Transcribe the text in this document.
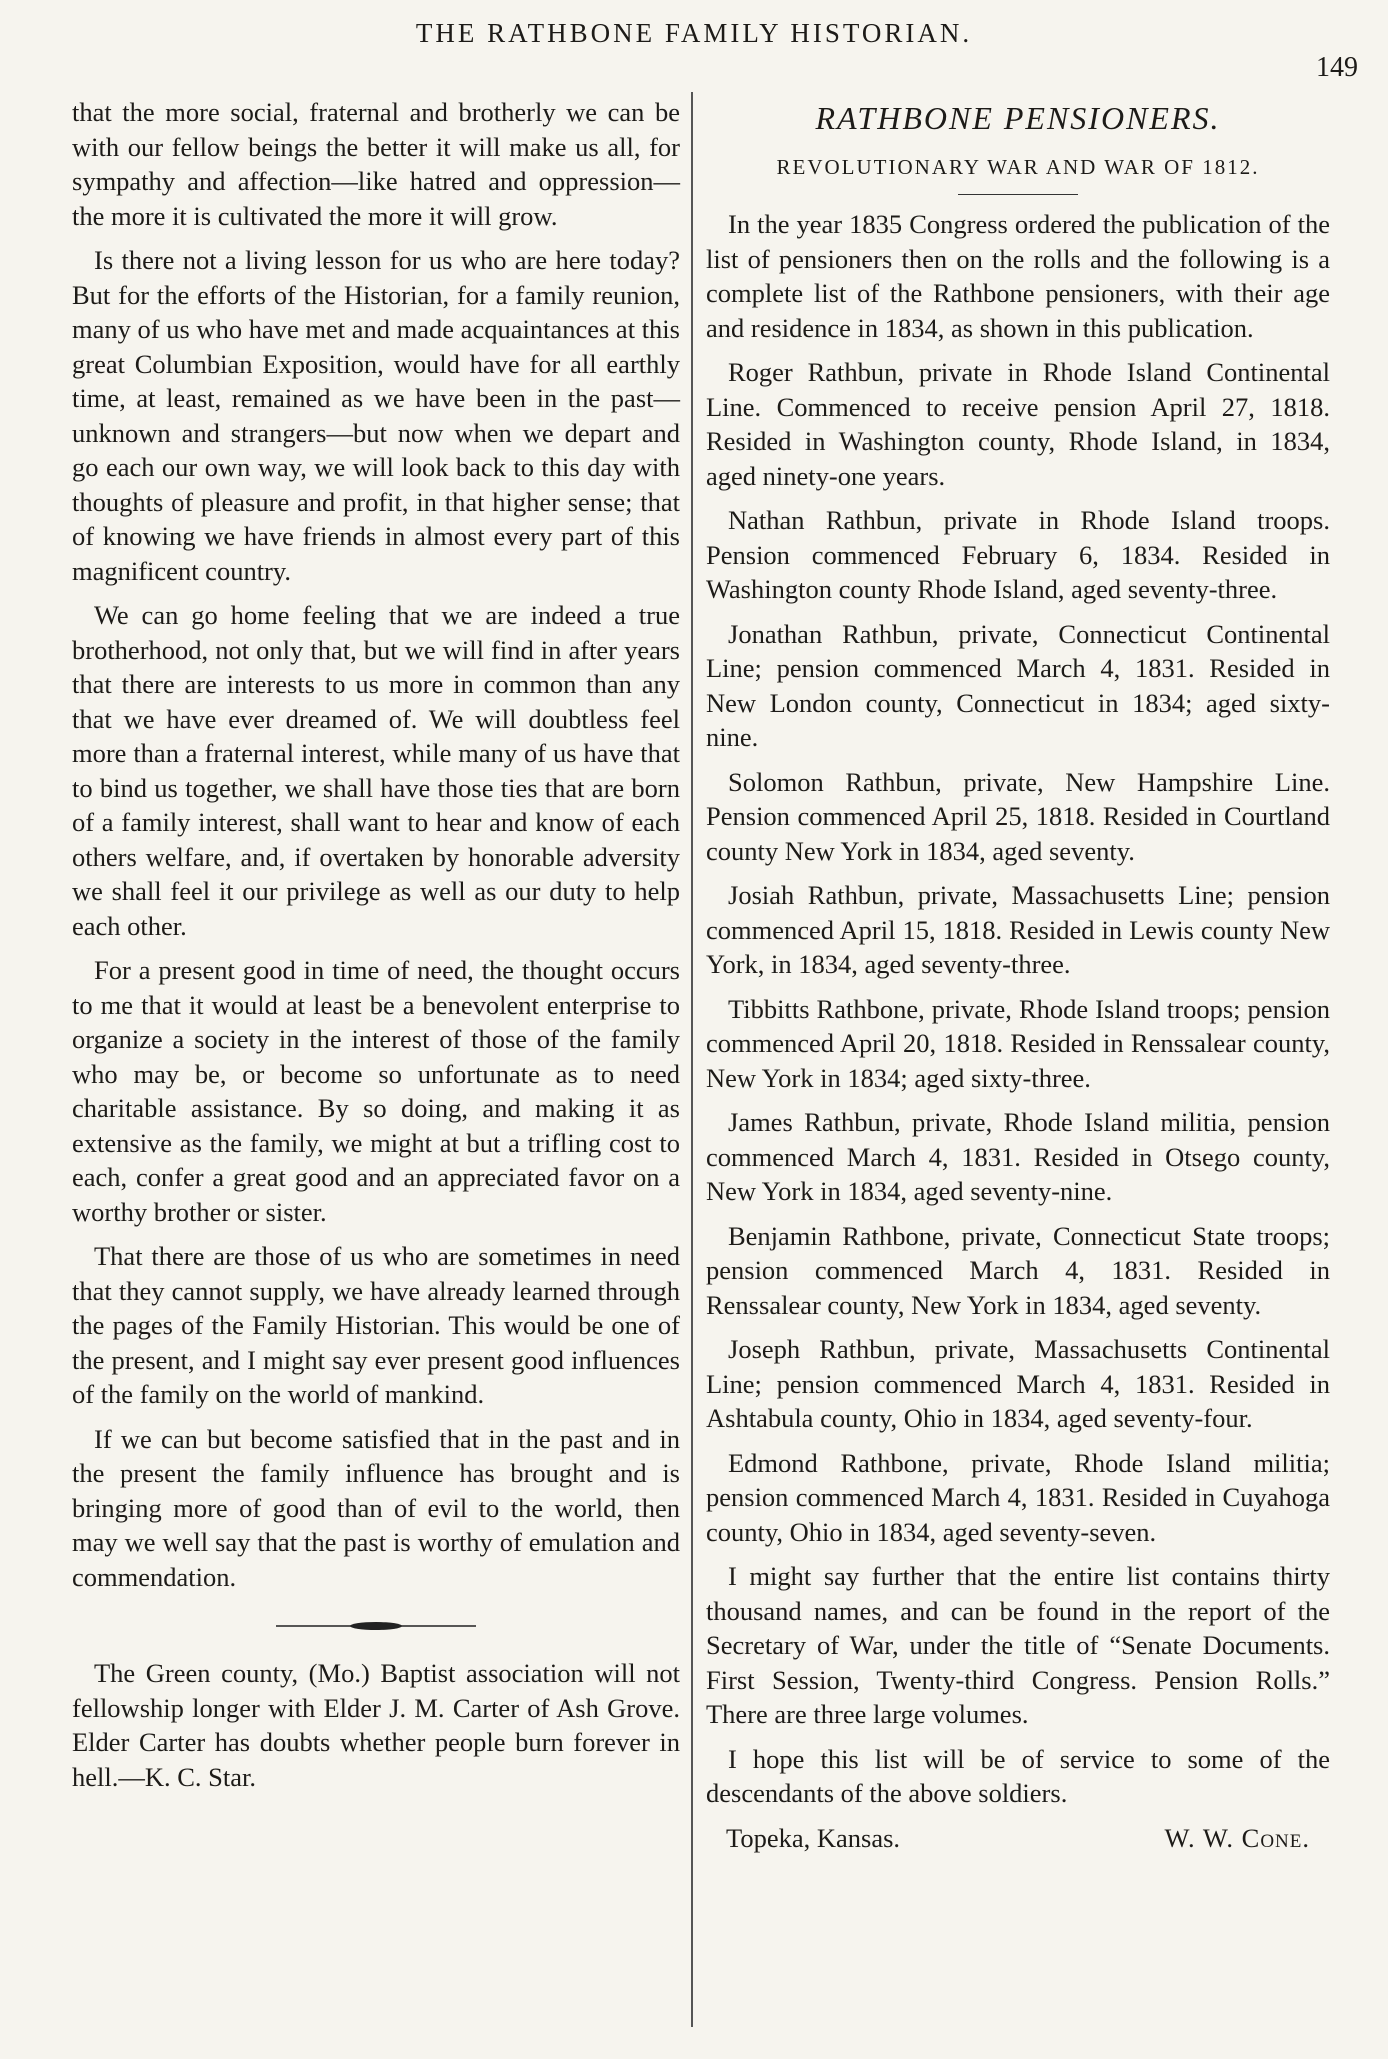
THE RATHBONE FAMILY HISTORIAN.
149

that the more social, fraternal and brotherly we can be with our fellow beings the better it will make us all, for sympathy and affection—like hatred and oppression—the more it is cultivated the more it will grow.

Is there not a living lesson for us who are here today? But for the efforts of the Historian, for a family reunion, many of us who have met and made acquaintances at this great Columbian Exposition, would have for all earthly time, at least, remained as we have been in the past—unknown and strangers—but now when we depart and go each our own way, we will look back to this day with thoughts of pleasure and profit, in that higher sense; that of knowing we have friends in almost every part of this magnificent country.

We can go home feeling that we are indeed a true brotherhood, not only that, but we will find in after years that there are interests to us more in common than any that we have ever dreamed of. We will doubtless feel more than a fraternal interest, while many of us have that to bind us together, we shall have those ties that are born of a family interest, shall want to hear and know of each others welfare, and, if overtaken by honorable adversity we shall feel it our privilege as well as our duty to help each other.

For a present good in time of need, the thought occurs to me that it would at least be a benevolent enterprise to organize a society in the interest of those of the family who may be, or become so unfortunate as to need charitable assistance. By so doing, and making it as extensive as the family, we might at but a trifling cost to each, confer a great good and an appreciated favor on a worthy brother or sister.

That there are those of us who are sometimes in need that they cannot supply, we have already learned through the pages of the Family Historian. This would be one of the present, and I might say ever present good influences of the family on the world of mankind.

If we can but become satisfied that in the past and in the present the family influence has brought and is bringing more of good than of evil to the world, then may we well say that the past is worthy of emulation and commendation.

The Green county, (Mo.) Baptist association will not fellowship longer with Elder J. M. Carter of Ash Grove. Elder Carter has doubts whether people burn forever in hell.—K. C. Star.

RATHBONE PENSIONERS.
REVOLUTIONARY WAR AND WAR OF 1812.

In the year 1835 Congress ordered the publication of the list of pensioners then on the rolls and the following is a complete list of the Rathbone pensioners, with their age and residence in 1834, as shown in this publication.

Roger Rathbun, private in Rhode Island Continental Line. Commenced to receive pension April 27, 1818. Resided in Washington county, Rhode Island, in 1834, aged ninety-one years.

Nathan Rathbun, private in Rhode Island troops. Pension commenced February 6, 1834. Resided in Washington county Rhode Island, aged seventy-three.

Jonathan Rathbun, private, Connecticut Continental Line; pension commenced March 4, 1831. Resided in New London county, Connecticut in 1834; aged sixty-nine.

Solomon Rathbun, private, New Hampshire Line. Pension commenced April 25, 1818. Resided in Courtland county New York in 1834, aged seventy.

Josiah Rathbun, private, Massachusetts Line; pension commenced April 15, 1818. Resided in Lewis county New York, in 1834, aged seventy-three.

Tibbitts Rathbone, private, Rhode Island troops; pension commenced April 20, 1818. Resided in Renssalear county, New York in 1834; aged sixty-three.

James Rathbun, private, Rhode Island militia, pension commenced March 4, 1831. Resided in Otsego county, New York in 1834, aged seventy-nine.

Benjamin Rathbone, private, Connecticut State troops; pension commenced March 4, 1831. Resided in Renssalear county, New York in 1834, aged seventy.

Joseph Rathbun, private, Massachusetts Continental Line; pension commenced March 4, 1831. Resided in Ashtabula county, Ohio in 1834, aged seventy-four.

Edmond Rathbone, private, Rhode Island militia; pension commenced March 4, 1831. Resided in Cuyahoga county, Ohio in 1834, aged seventy-seven.

I might say further that the entire list contains thirty thousand names, and can be found in the report of the Secretary of War, under the title of “Senate Documents. First Session, Twenty-third Congress. Pension Rolls.” There are three large volumes.

I hope this list will be of service to some of the descendants of the above soldiers.

Topeka, Kansas.	W. W. Cone.
